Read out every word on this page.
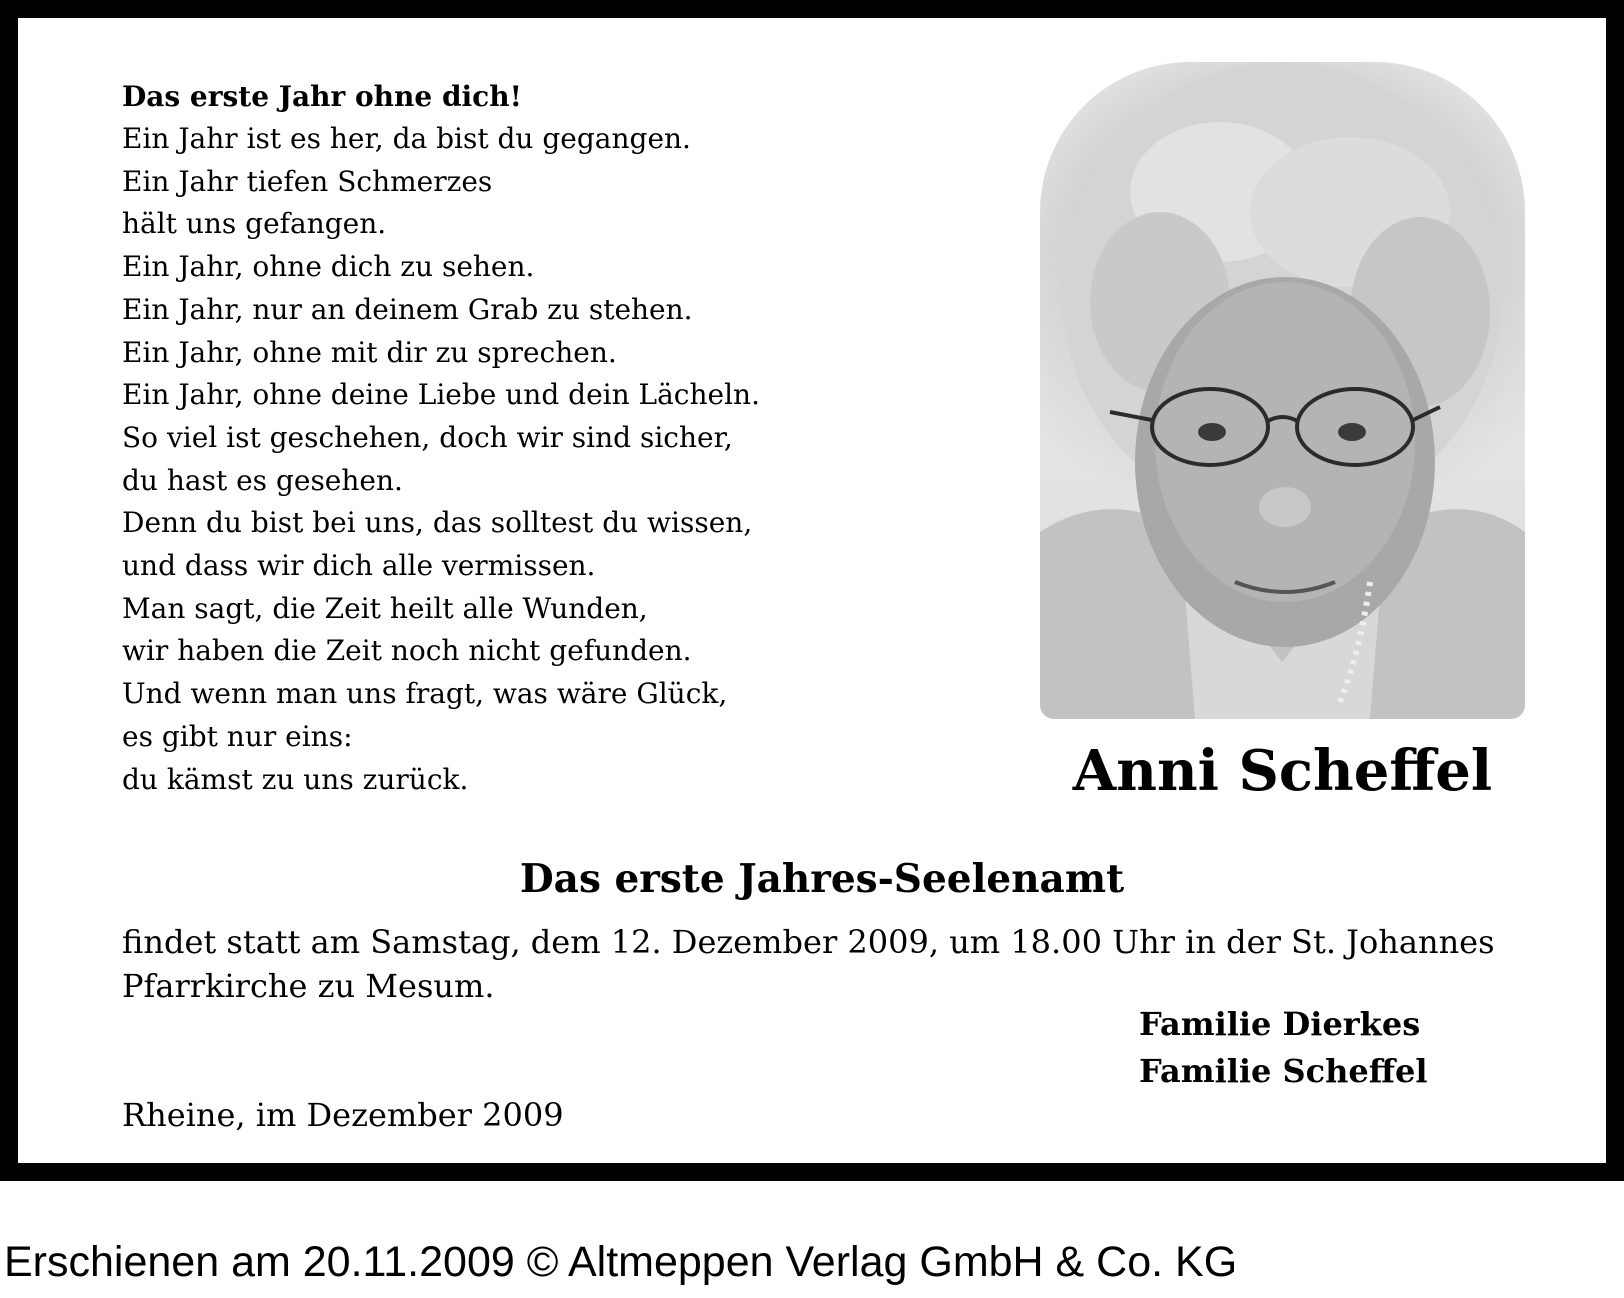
Das erste Jahr ohne dich!
Ein Jahr ist es her, da bist du gegangen.
Ein Jahr tiefen Schmerzes
hält uns gefangen.
Ein Jahr, ohne dich zu sehen.
Ein Jahr, nur an deinem Grab zu stehen.
Ein Jahr, ohne mit dir zu sprechen.
Ein Jahr, ohne deine Liebe und dein Lächeln.
So viel ist geschehen, doch wir sind sicher,
du hast es gesehen.
Denn du bist bei uns, das solltest du wissen,
und dass wir dich alle vermissen.
Man sagt, die Zeit heilt alle Wunden,
wir haben die Zeit noch nicht gefunden.
Und wenn man uns fragt, was wäre Glück,
es gibt nur eins:
du kämst zu uns zurück.	Anni Scheffel
Das erste Jahres-Seelenamt
findet statt am Samstag, dem 12. Dezember 2009, um 18.00 Uhr in der St. Johannes Pfarrkirche zu Mesum.
Familie Dierkes
Familie Scheffel
Rheine, im Dezember 2009
Erschienen am 20.11.2009 © Altmeppen Verlag GmbH & Co. KG
